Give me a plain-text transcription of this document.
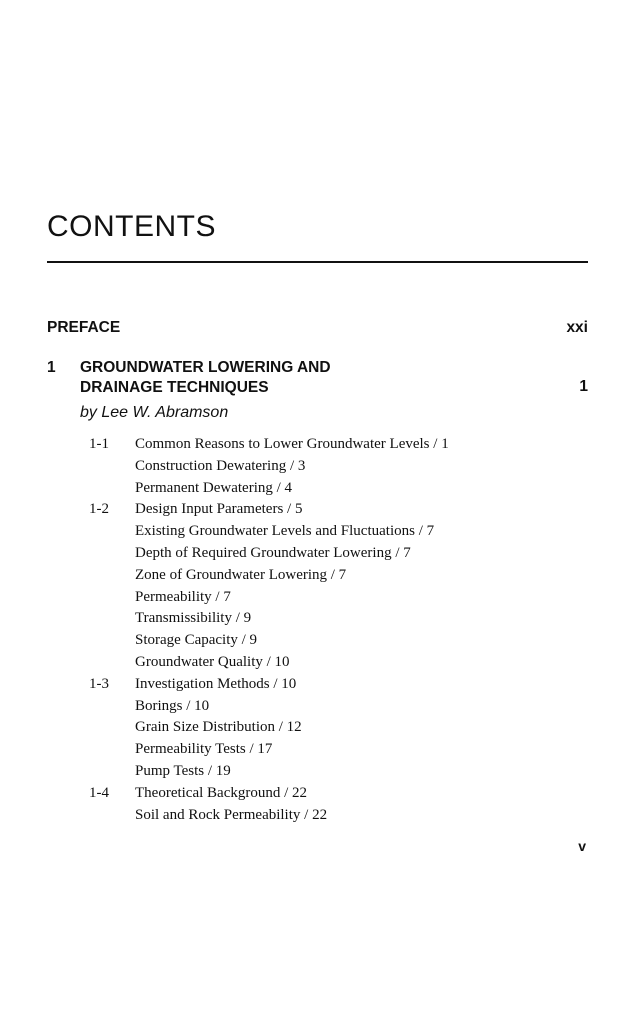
CONTENTS
PREFACE	xxi
1 GROUNDWATER LOWERING AND
DRAINAGE TECHNIQUES	1
by Lee W. Abramson
1-1 Common Reasons to Lower Groundwater Levels / 1
Construction Dewatering / 3
Permanent Dewatering / 4
1-2 Design Input Parameters / 5
Existing Groundwater Levels and Fluctuations / 7
Depth of Required Groundwater Lowering / 7
Zone of Groundwater Lowering / 7
Permeability / 7
Transmissibility / 9
Storage Capacity / 9
Groundwater Quality / 10
1-3 Investigation Methods / 10
Borings / 10
Grain Size Distribution / 12
Permeability Tests / 17
Pump Tests / 19
1-4 Theoretical Background / 22
Soil and Rock Permeability / 22
v
